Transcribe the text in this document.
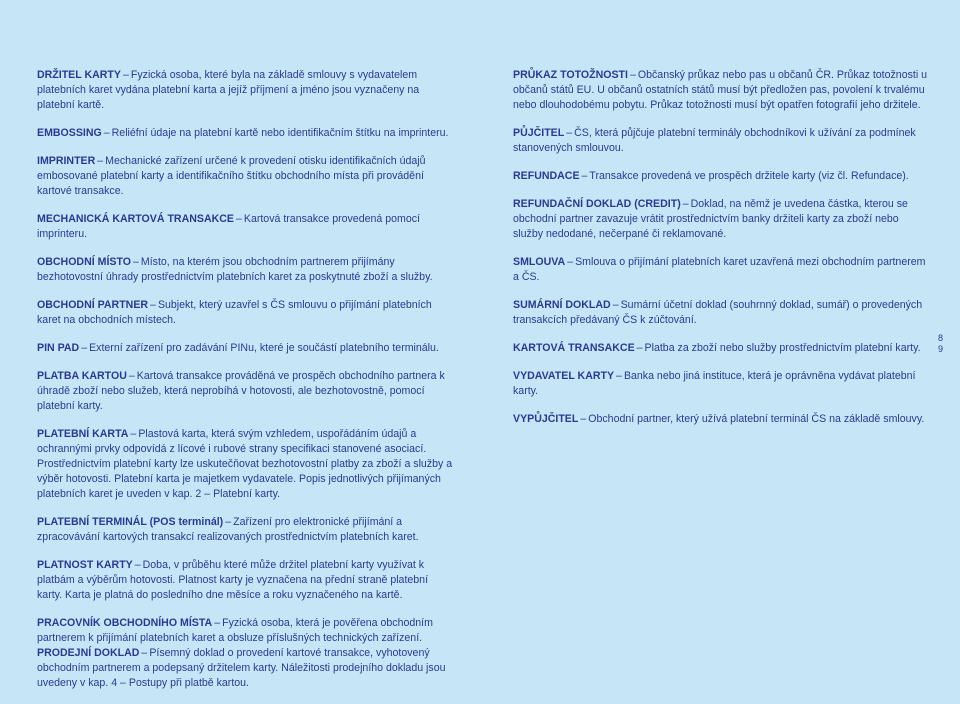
DRŽITEL KARTY – Fyzická osoba, které byla na základě smlouvy s vydavatelem platebních karet vydána platební karta a jejíž příjmení a jméno jsou vyznačeny na platební kartě.

EMBOSSING – Reliéfní údaje na platební kartě nebo identifikačním štítku na imprinteru.

IMPRINTER – Mechanické zařízení určené k provedení otisku identifikačních údajů embosované platební karty a identifikačního štítku obchodního místa při provádění kartové transakce.

MECHANICKÁ KARTOVÁ TRANSAKCE – Kartová transakce provedená pomocí imprinteru.

OBCHODNÍ MÍSTO – Místo, na kterém jsou obchodním partnerem přijímány bezhotovostní úhrady prostřednictvím platebních karet za poskytnuté zboží a služby.

OBCHODNÍ PARTNER – Subjekt, který uzavřel s ČS smlouvu o přijímání platebních karet na obchodních místech.

PIN PAD – Externí zařízení pro zadávání PINu, které je součástí platebního terminálu.

PLATBA KARTOU – Kartová transakce prováděná ve prospěch obchodního partnera k úhradě zboží nebo služeb, která neprobíhá v hotovosti, ale bezhotovostně, pomocí platební karty.

PLATEBNÍ KARTA – Plastová karta, která svým vzhledem, uspořádáním údajů a ochrannými prvky odpovídá z lícové i rubové strany specifikaci stanovené asociací. Prostřednictvím platební karty lze uskutečňovat bezhotovostní platby za zboží a služby a výběr hotovosti. Platební karta je majetkem vydavatele. Popis jednotlivých přijímaných platebních karet je uveden v kap. 2 – Platební karty.

PLATEBNÍ TERMINÁL (POS terminál) – Zařízení pro elektronické přijímání a zpracovávání kartových transakcí realizovaných prostřednictvím platebních karet.

PLATNOST KARTY – Doba, v průběhu které může držitel platební karty využívat k platbám a výběrům hotovosti. Platnost karty je vyznačena na přední straně platební karty. Karta je platná do posledního dne měsíce a roku vyznačeného na kartě.

PRACOVNÍK OBCHODNÍHO MÍSTA – Fyzická osoba, která je pověřena obchodním partnerem k přijímání platebních karet a obsluze příslušných technických zařízení.

PRODEJNÍ DOKLAD – Písemný doklad o provedení kartové transakce, vyhotovený obchodním partnerem a podepsaný držitelem karty. Náležitosti prodejního dokladu jsou uvedeny v kap. 4 – Postupy při platbě kartou.

PRŮKAZ TOTOŽNOSTI – Občanský průkaz nebo pas u občanů ČR. Průkaz totožnosti u občanů států EU. U občanů ostatních států musí být předložen pas, povolení k trvalému nebo dlouhodobému pobytu. Průkaz totožnosti musí být opatřen fotografií jeho držitele.

PŮJČITEL – ČS, která půjčuje platební terminály obchodníkovi k užívání za podmínek stanovených smlouvou.

REFUNDACE – Transakce provedená ve prospěch držitele karty (viz čl. Refundace).

REFUNDAČNÍ DOKLAD (CREDIT) – Doklad, na němž je uvedena částka, kterou se obchodní partner zavazuje vrátit prostřednictvím banky držiteli karty za zboží nebo služby nedodané, nečerpané či reklamované.

SMLOUVA – Smlouva o přijímání platebních karet uzavřená mezi obchodním partnerem a ČS.

SUMÁRNÍ DOKLAD – Sumární účetní doklad (souhrnný doklad, sumář) o provedených transakcích předávaný ČS k zúčtování.

KARTOVÁ TRANSAKCE – Platba za zboží nebo služby prostřednictvím platební karty.

VYDAVATEL KARTY – Banka nebo jiná instituce, která je oprávněna vydávat platební karty.

VYPŮJČITEL – Obchodní partner, který užívá platební terminál ČS na základě smlouvy.

8
9
